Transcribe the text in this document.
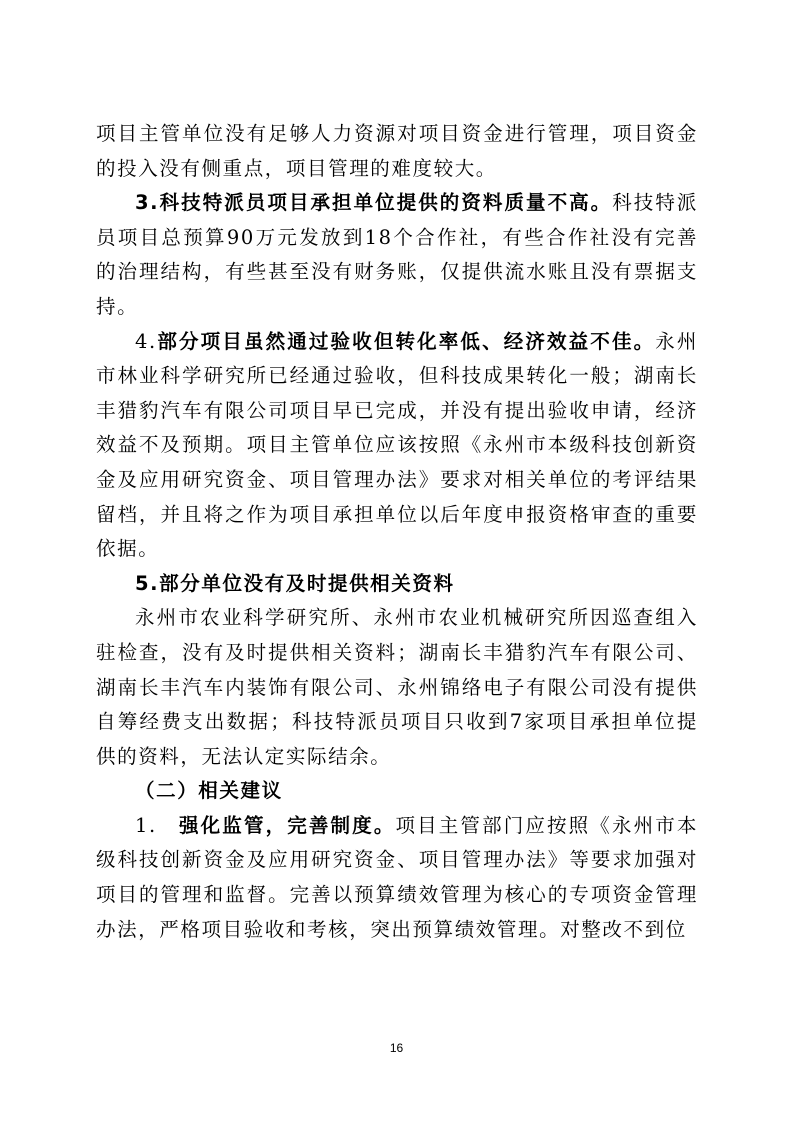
项目主管单位没有足够人力资源对项目资金进行管理，项目资金的投入没有侧重点，项目管理的难度较大。

3.科技特派员项目承担单位提供的资料质量不高。科技特派员项目总预算90万元发放到18个合作社，有些合作社没有完善的治理结构，有些甚至没有财务账，仅提供流水账且没有票据支持。

4.部分项目虽然通过验收但转化率低、经济效益不佳。永州市林业科学研究所已经通过验收，但科技成果转化一般；湖南长丰猎豹汽车有限公司项目早已完成，并没有提出验收申请，经济效益不及预期。项目主管单位应该按照《永州市本级科技创新资金及应用研究资金、项目管理办法》要求对相关单位的考评结果留档，并且将之作为项目承担单位以后年度申报资格审查的重要依据。

5.部分单位没有及时提供相关资料

永州市农业科学研究所、永州市农业机械研究所因巡查组入驻检查，没有及时提供相关资料；湖南长丰猎豹汽车有限公司、湖南长丰汽车内装饰有限公司、永州锦络电子有限公司没有提供自筹经费支出数据；科技特派员项目只收到7家项目承担单位提供的资料，无法认定实际结余。

（二）相关建议

1.　强化监管，完善制度。项目主管部门应按照《永州市本级科技创新资金及应用研究资金、项目管理办法》等要求加强对项目的管理和监督。完善以预算绩效管理为核心的专项资金管理办法，严格项目验收和考核，突出预算绩效管理。对整改不到位

16
